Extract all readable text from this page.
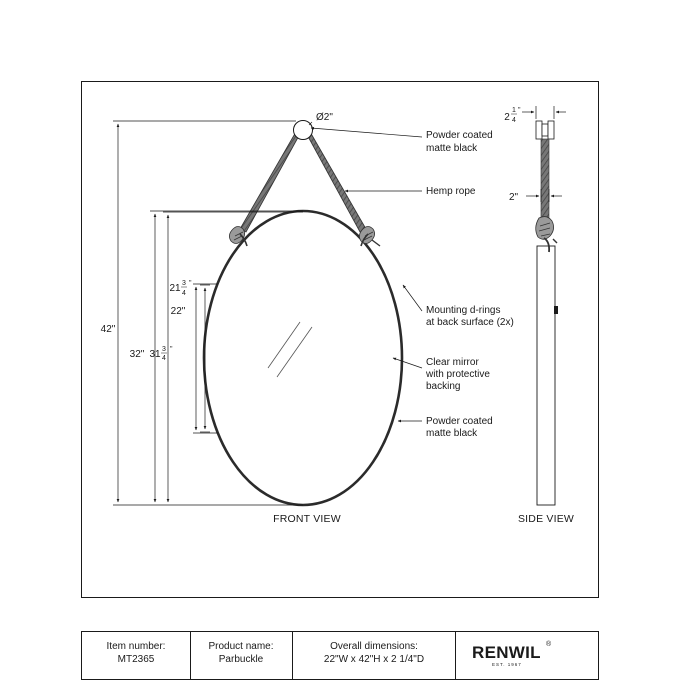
42"
32" 31 3
4
"
21 3
4
"
22"
Ø2"
Powder coated
matte black
Hemp rope
Mounting d-rings
at back surface (2x)
Clear mirror
with protective
backing
Powder coated
matte black
FRONT VIEW
2
1
4
"
2"
SIDE VIEW
Item number:
MT2365
Product name:
Parbuckle
Overall dimensions:
22"W x 42"H x 2 1/4"D	RENWIL ®
EST. 1967
